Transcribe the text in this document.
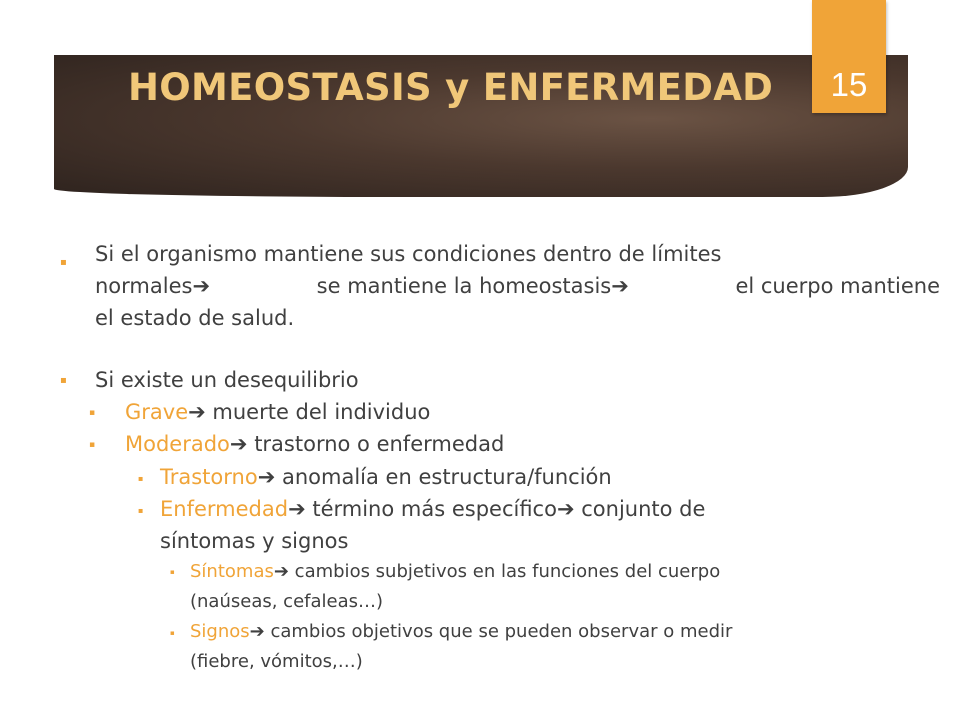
HOMEOSTASIS y ENFERMEDAD	15
▪ Si el organismo mantiene sus condiciones dentro de límites
normales➔	se mantiene la homeostasis➔	el cuerpo mantiene
el estado de salud.
▪ Si existe un desequilibrio
▪ Grave➔ muerte del individuo
▪ Moderado➔ trastorno o enfermedad
▪ Trastorno➔ anomalía en estructura/función
▪ Enfermedad➔ término más específico➔ conjunto de
síntomas y signos
▪ Síntomas➔ cambios subjetivos en las funciones del cuerpo
(naúseas, cefaleas…)
▪ Signos➔ cambios objetivos que se pueden observar o medir
(fiebre, vómitos,…)
